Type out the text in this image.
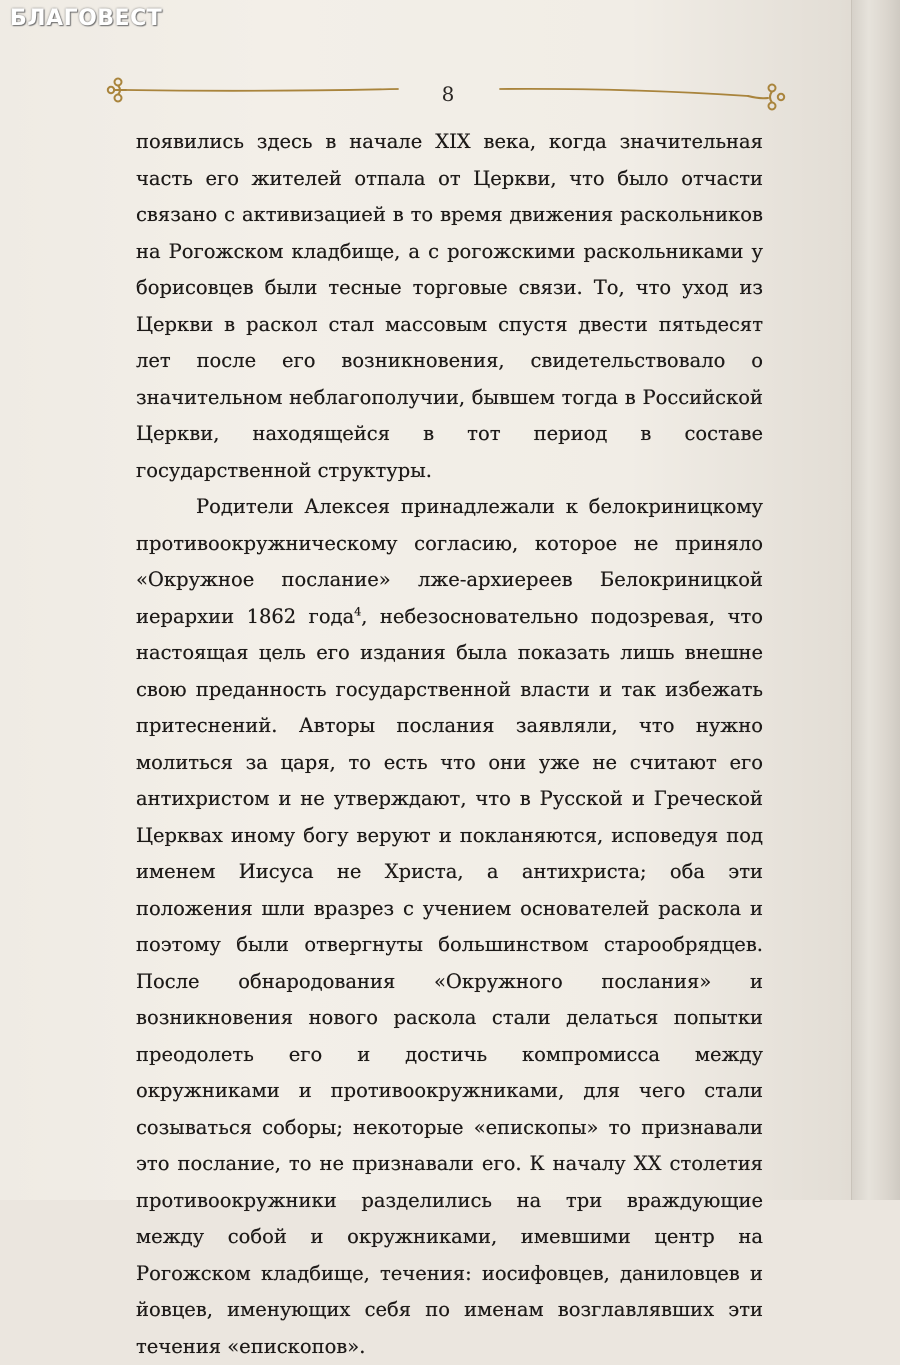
БЛАГОВЕСТ
8

появились здесь в начале XIX века, когда значительная часть его жителей отпала от Церкви, что было отчасти связано с активизацией в то время движения раскольников на Рогожском кладбище, а с рогожскими раскольниками у борисовцев были тесные торговые связи. То, что уход из Церкви в раскол стал массовым спустя двести пятьдесят лет после его возникновения, свидетельствовало о значительном неблагополучии, бывшем тогда в Российской Церкви, находящейся в тот период в составе государственной структуры.

Родители Алексея принадлежали к белокриницкому противоокружническому согласию, которое не приняло «Окружное послание» лже-архиереев Белокриницкой иерархии 1862 года$^4$, небезосновательно подозревая, что настоящая цель его издания была показать лишь внешне свою преданность государственной власти и так избежать притеснений. Авторы послания заявляли, что нужно молиться за царя, то есть что они уже не считают его антихристом и не утверждают, что в Русской и Греческой Церквах иному богу веруют и покланяются, исповедуя под именем Иисуса не Христа, а антихриста; оба эти положения шли вразрез с учением основателей раскола и поэтому были отвергнуты большинством старообрядцев. После обнародования «Окружного послания» и возникновения нового раскола стали делаться попытки преодолеть его и достичь компромисса между окружниками и противоокружниками, для чего стали созываться соборы; некоторые «епископы» то признавали это послание, то не признавали его. К началу XX столетия противоокружники разделились на три враждующие между собой и окружниками, имевшими центр на Рогожском кладбище, течения: иосифовцев, даниловцев и йовцев, именующих себя по именам возглавлявших эти течения «епископов».
